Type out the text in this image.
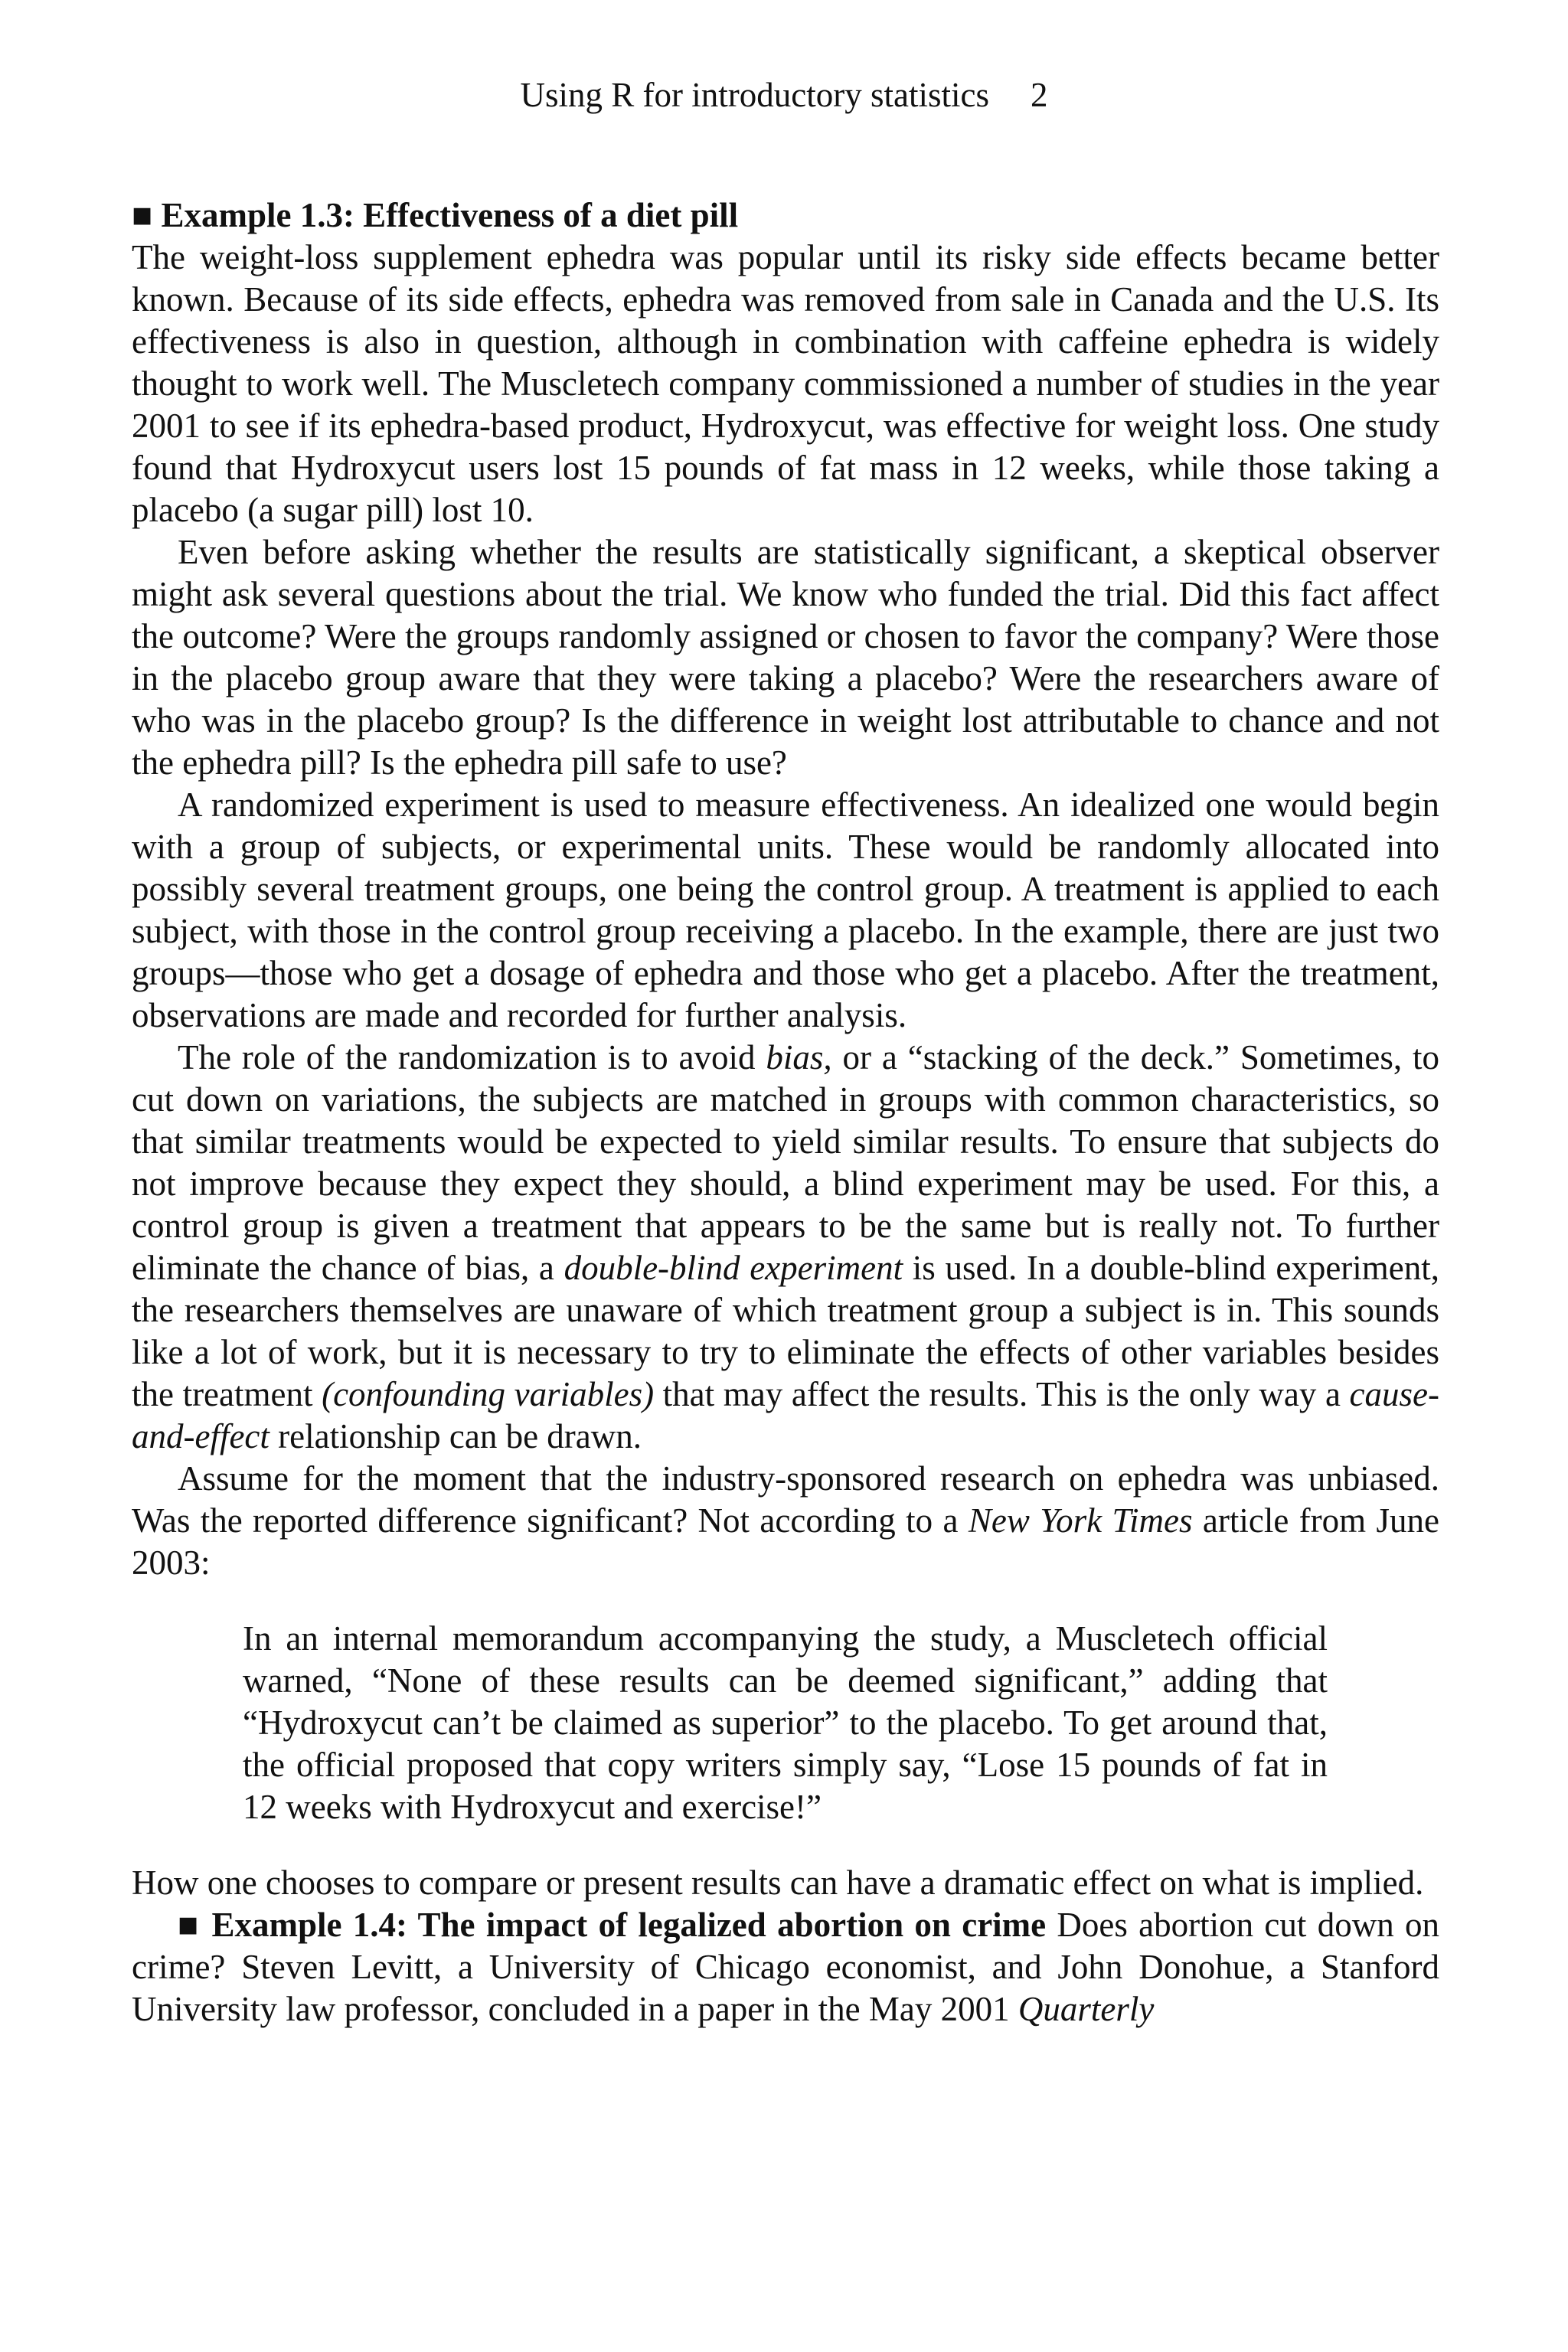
Using R for introductory statistics 2

■ Example 1.3: Effectiveness of a diet pill

The weight-loss supplement ephedra was popular until its risky side effects became better known. Because of its side effects, ephedra was removed from sale in Canada and the U.S. Its effectiveness is also in question, although in combination with caffeine ephedra is widely thought to work well. The Muscletech company commissioned a number of studies in the year 2001 to see if its ephedra-based product, Hydroxycut, was effective for weight loss. One study found that Hydroxycut users lost 15 pounds of fat mass in 12 weeks, while those taking a placebo (a sugar pill) lost 10.

Even before asking whether the results are statistically significant, a skeptical observer might ask several questions about the trial. We know who funded the trial. Did this fact affect the outcome? Were the groups randomly assigned or chosen to favor the company? Were those in the placebo group aware that they were taking a placebo? Were the researchers aware of who was in the placebo group? Is the difference in weight lost attributable to chance and not the ephedra pill? Is the ephedra pill safe to use?

A randomized experiment is used to measure effectiveness. An idealized one would begin with a group of subjects, or experimental units. These would be randomly allocated into possibly several treatment groups, one being the control group. A treatment is applied to each subject, with those in the control group receiving a placebo. In the example, there are just two groups—those who get a dosage of ephedra and those who get a placebo. After the treatment, observations are made and recorded for further analysis.

The role of the randomization is to avoid bias, or a “stacking of the deck.” Sometimes, to cut down on variations, the subjects are matched in groups with common characteristics, so that similar treatments would be expected to yield similar results. To ensure that subjects do not improve because they expect they should, a blind experiment may be used. For this, a control group is given a treatment that appears to be the same but is really not. To further eliminate the chance of bias, a double-blind experiment is used. In a double-blind experiment, the researchers themselves are unaware of which treatment group a subject is in. This sounds like a lot of work, but it is necessary to try to eliminate the effects of other variables besides the treatment (confounding variables) that may affect the results. This is the only way a cause-and-effect relationship can be drawn.

Assume for the moment that the industry-sponsored research on ephedra was unbiased. Was the reported difference significant? Not according to a New York Times article from June 2003:

In an internal memorandum accompanying the study, a Muscletech official warned, “None of these results can be deemed significant,” adding that “Hydroxycut can’t be claimed as superior” to the placebo. To get around that, the official proposed that copy writers simply say, “Lose 15 pounds of fat in 12 weeks with Hydroxycut and exercise!”

How one chooses to compare or present results can have a dramatic effect on what is implied.

■ Example 1.4: The impact of legalized abortion on crime Does abortion cut down on crime? Steven Levitt, a University of Chicago economist, and John Donohue, a Stanford University law professor, concluded in a paper in the May 2001 Quarterly
